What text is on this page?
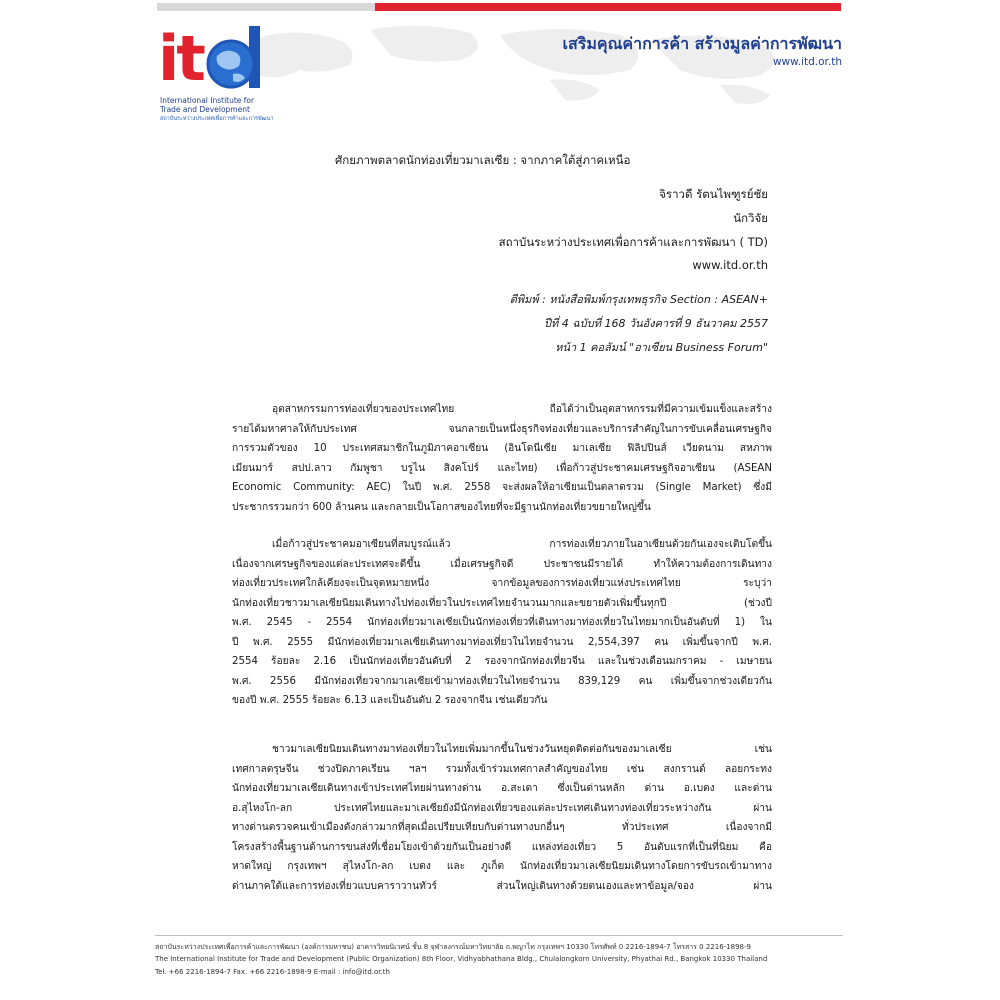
i t
International Institute for
Trade and Development
สถาบันระหว่างประเทศเพื่อการค้าและการพัฒนา
เสริมคุณค่าการค้า สร้างมูลค่าการพัฒนา
www.itd.or.th
ศักยภาพตลาดนักท่องเที่ยวมาเลเซีย : จากภาคใต้สู่ภาคเหนือ
จิราวดี รัตนไพฑูรย์ชัย
นักวิจัย
สถาบันระหว่างประเทศเพื่อการค้าและการพัฒนา ( TD)
www.itd.or.th
ตีพิมพ์ : หนังสือพิมพ์กรุงเทพธุรกิจ Section : ASEAN+
ปีที่ 4 ฉบับที่ 168 วันอังคารที่ 9 ธันวาคม 2557
หน้า 1 คอลัมน์ "อาเซียน Business Forum"
อุตสาหกรรมการท่องเที่ยวของประเทศไทย ถือได้ว่าเป็นอุตสาหกรรมที่มีความเข้มแข็งและสร้าง
รายได้มหาศาลให้กับประเทศ จนกลายเป็นหนึ่งธุรกิจท่องเที่ยวและบริการสำคัญในการขับเคลื่อนเศรษฐกิจ
การรวมตัวของ 10 ประเทศสมาชิกในภูมิภาคอาเซียน (อินโดนีเซีย มาเลเซีย ฟิลิปปินส์ เวียดนาม สหภาพ
เมียนมาร์ สปป.ลาว กัมพูชา บรูไน สิงคโปร์ และไทย) เพื่อก้าวสู่ประชาคมเศรษฐกิจอาเซียน (ASEAN
Economic Community: AEC) ในปี พ.ศ. 2558 จะส่งผลให้อาเซียนเป็นตลาดรวม (Single Market) ซึ่งมี
ประชากรรวมกว่า 600 ล้านคน และกลายเป็นโอกาสของไทยที่จะมีฐานนักท่องเที่ยวขยายใหญ่ขึ้น
เมื่อก้าวสู่ประชาคมอาเซียนที่สมบูรณ์แล้ว การท่องเที่ยวภายในอาเซียนด้วยกันเองจะเติบโตขึ้น
เนื่องจากเศรษฐกิจของแต่ละประเทศจะดีขึ้น เมื่อเศรษฐกิจดี ประชาชนมีรายได้ ทำให้ความต้องการเดินทาง
ท่องเที่ยวประเทศใกล้เคียงจะเป็นจุดหมายหนึ่ง จากข้อมูลของการท่องเที่ยวแห่งประเทศไทย ระบุว่า
นักท่องเที่ยวชาวมาเลเซียนิยมเดินทางไปท่องเที่ยวในประเทศไทยจำนวนมากและขยายตัวเพิ่มขึ้นทุกปี (ช่วงปี
พ.ศ. 2545 - 2554 นักท่องเที่ยวมาเลเซียเป็นนักท่องเที่ยวที่เดินทางมาท่องเที่ยวในไทยมากเป็นอันดับที่ 1) ใน
ปี พ.ศ. 2555 มีนักท่องเที่ยวมาเลเซียเดินทางมาท่องเที่ยวในไทยจำนวน 2,554,397 คน เพิ่มขึ้นจากปี พ.ศ.
2554 ร้อยละ 2.16 เป็นนักท่องเที่ยวอันดับที่ 2 รองจากนักท่องเที่ยวจีน และในช่วงเดือนมกราคม - เมษายน
พ.ศ. 2556 มีนักท่องเที่ยวจากมาเลเซียเข้ามาท่องเที่ยวในไทยจำนวน 839,129 คน เพิ่มขึ้นจากช่วงเดียวกัน
ของปี พ.ศ. 2555 ร้อยละ 6.13 และเป็นอันดับ 2 รองจากจีน เช่นเดียวกัน
ชาวมาเลเซียนิยมเดินทางมาท่องเที่ยวในไทยเพิ่มมากขึ้นในช่วงวันหยุดติดต่อกันของมาเลเซีย เช่น
เทศกาลตรุษจีน ช่วงปิดภาคเรียน ฯลฯ รวมทั้งเข้าร่วมเทศกาลสำคัญของไทย เช่น สงกรานต์ ลอยกระทง
นักท่องเที่ยวมาเลเซียเดินทางเข้าประเทศไทยผ่านทางด่าน อ.สะเดา ซึ่งเป็นด่านหลัก ด่าน อ.เบตง และด่าน
อ.สุไหงโก-ลก ประเทศไทยและมาเลเซียยังมีนักท่องเที่ยวของแต่ละประเทศเดินทางท่องเที่ยวระหว่างกัน ผ่าน
ทางด่านตรวจคนเข้าเมืองดังกล่าวมากที่สุดเมื่อเปรียบเทียบกับด่านทางบกอื่นๆ ทั่วประเทศ เนื่องจากมี
โครงสร้างพื้นฐานด้านการขนส่งที่เชื่อมโยงเข้าด้วยกันเป็นอย่างดี แหล่งท่องเที่ยว 5 อันดับแรกที่เป็นที่นิยม คือ
หาดใหญ่ กรุงเทพฯ สุไหงโก-ลก เบตง และ ภูเก็ต นักท่องเที่ยวมาเลเซียนิยมเดินทางโดยการขับรถเข้ามาทาง
ด่านภาคใต้และการท่องเที่ยวแบบคาราวานทัวร์ ส่วนใหญ่เดินทางด้วยตนเองและหาข้อมูล/จอง ผ่าน
สถาบันระหว่างประเทศเพื่อการค้าและการพัฒนา (องค์การมหาชน) อาคารวิทยนิเวศน์ ชั้น 8 จุฬาลงกรณ์มหาวิทยาลัย ถ.พญาไท กรุงเทพฯ 10330 โทรศัพท์ 0 2216-1894-7 โทรสาร 0 2216-1898-9
The International Institute for Trade and Development (Public Organization) 8th Floor, Vidhyabhathana Bldg., Chulalongkorn University, Phyathai Rd., Bangkok 10330 Thailand
Tel. +66 2216-1894-7 Fax. +66 2216-1898-9 E-mail : info@itd.or.th
